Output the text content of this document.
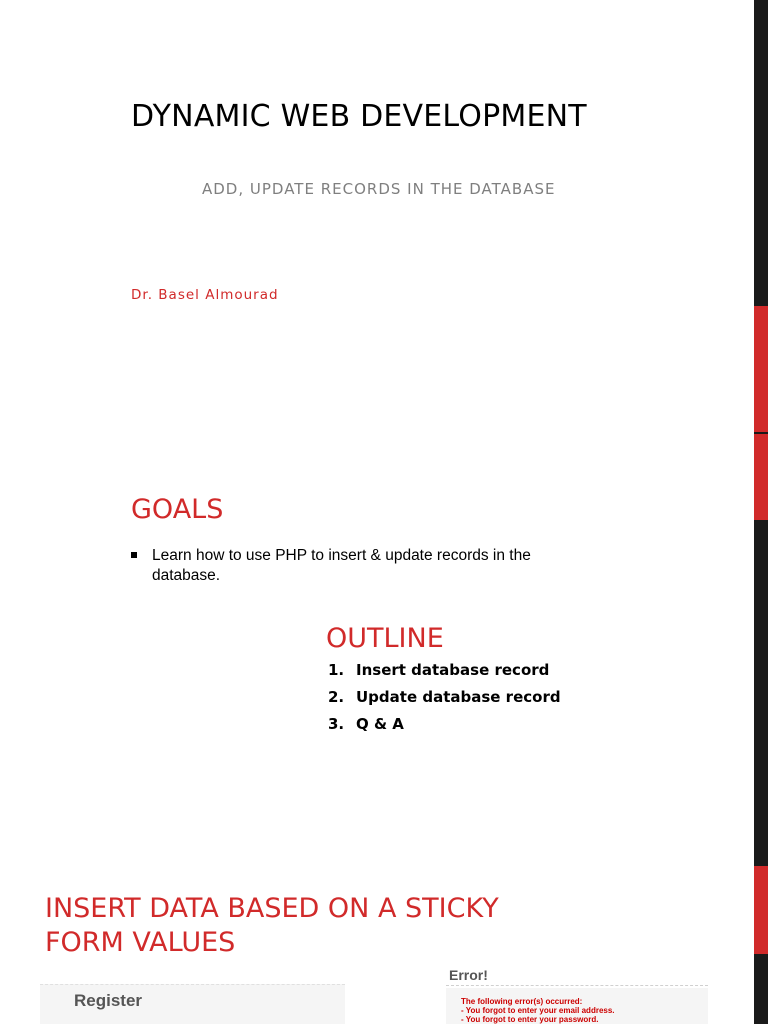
DYNAMIC WEB DEVELOPMENT
ADD, UPDATE RECORDS IN THE DATABASE
Dr. Basel Almourad
GOALS
Learn how to use PHP to insert & update records in the database.
OUTLINE
1. Insert database record
2. Update database record
3. Q & A
INSERT DATA BASED ON A STICKY FORM VALUES
Register
Error!
The following error(s) occurred:
- You forgot to enter your email address.
- You forgot to enter your password.
